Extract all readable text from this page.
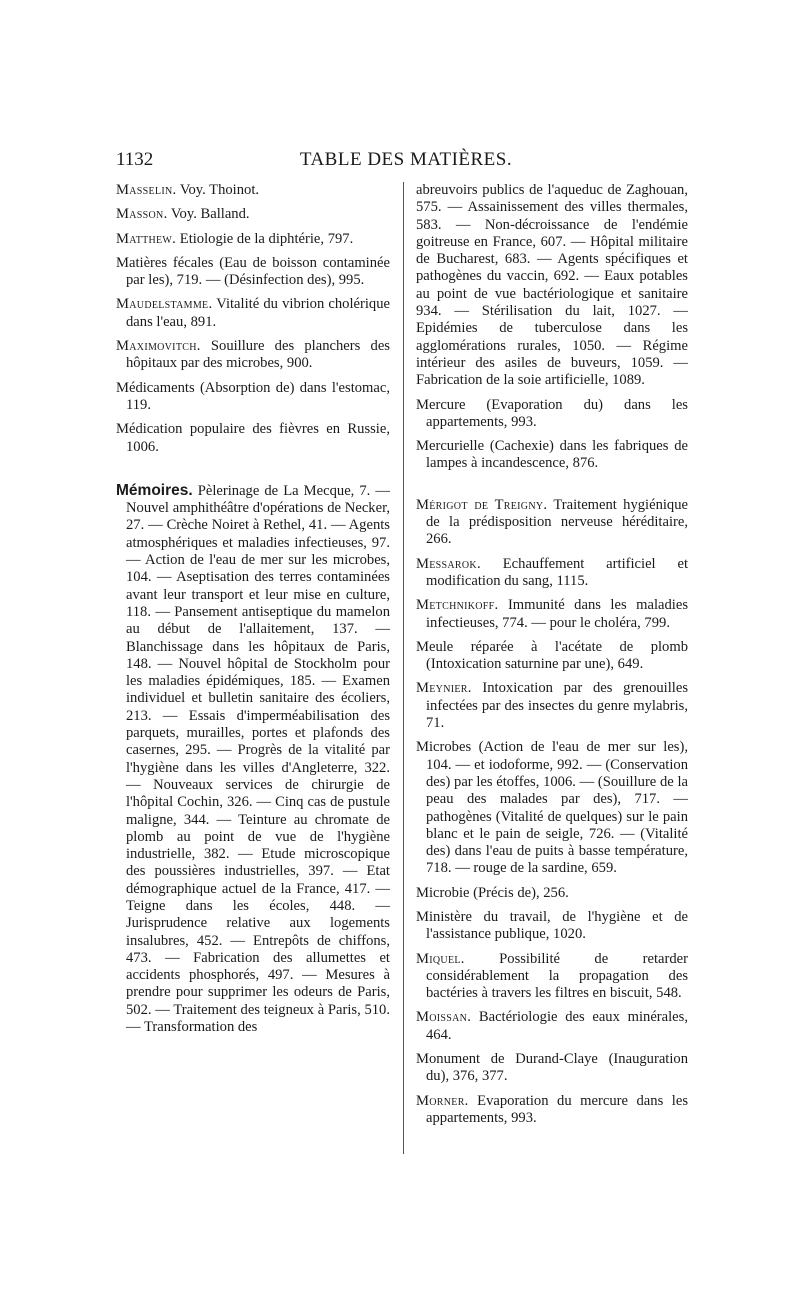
1132	TABLE DES MATIÈRES.

Masselin. Voy. Thoinot.

Masson. Voy. Balland.

Matthew. Etiologie de la diphtérie, 797.

Matières fécales (Eau de boisson contaminée par les), 719. — (Désinfection des), 995.

Maudelstamme. Vitalité du vibrion cholérique dans l'eau, 891.

Maximovitch. Souillure des planchers des hôpitaux par des microbes, 900.

Médicaments (Absorption de) dans l'estomac, 119.

Médication populaire des fièvres en Russie, 1006.

Mémoires. Pèlerinage de La Mecque, 7. — Nouvel amphithéâtre d'opérations de Necker, 27. — Crèche Noiret à Rethel, 41. — Agents atmosphériques et maladies infectieuses, 97. — Action de l'eau de mer sur les microbes, 104. — Aseptisation des terres contaminées avant leur transport et leur mise en culture, 118. — Pansement antiseptique du mamelon au début de l'allaitement, 137. — Blanchissage dans les hôpitaux de Paris, 148. — Nouvel hôpital de Stockholm pour les maladies épidémiques, 185. — Examen individuel et bulletin sanitaire des écoliers, 213. — Essais d'imperméabilisation des parquets, murailles, portes et plafonds des casernes, 295. — Progrès de la vitalité par l'hygiène dans les villes d'Angleterre, 322. — Nouveaux services de chirurgie de l'hôpital Cochin, 326. — Cinq cas de pustule maligne, 344. — Teinture au chromate de plomb au point de vue de l'hygiène industrielle, 382. — Etude microscopique des poussières industrielles, 397. — Etat démographique actuel de la France, 417. — Teigne dans les écoles, 448. — Jurisprudence relative aux logements insalubres, 452. — Entrepôts de chiffons, 473. — Fabrication des allumettes et accidents phosphorés, 497. — Mesures à prendre pour supprimer les odeurs de Paris, 502. — Traitement des teigneux à Paris, 510. — Transformation des

abreuvoirs publics de l'aqueduc de Zaghouan, 575. — Assainissement des villes thermales, 583. — Non-décroissance de l'endémie goitreuse en France, 607. — Hôpital militaire de Bucharest, 683. — Agents spécifiques et pathogènes du vaccin, 692. — Eaux potables au point de vue bactériologique et sanitaire 934. — Stérilisation du lait, 1027. — Epidémies de tuberculose dans les agglomérations rurales, 1050. — Régime intérieur des asiles de buveurs, 1059. — Fabrication de la soie artificielle, 1089.

Mercure (Evaporation du) dans les appartements, 993.

Mercurielle (Cachexie) dans les fabriques de lampes à incandescence, 876.

Mérigot de Treigny. Traitement hygiénique de la prédisposition nerveuse héréditaire, 266.

Messarok. Echauffement artificiel et modification du sang, 1115.

Metchnikoff. Immunité dans les maladies infectieuses, 774. — pour le choléra, 799.

Meule réparée à l'acétate de plomb (Intoxication saturnine par une), 649.

Meynier. Intoxication par des grenouilles infectées par des insectes du genre mylabris, 71.

Microbes (Action de l'eau de mer sur les), 104. — et iodoforme, 992. — (Conservation des) par les étoffes, 1006. — (Souillure de la peau des malades par des), 717. — pathogènes (Vitalité de quelques) sur le pain blanc et le pain de seigle, 726. — (Vitalité des) dans l'eau de puits à basse température, 718. — rouge de la sardine, 659.

Microbie (Précis de), 256.

Ministère du travail, de l'hygiène et de l'assistance publique, 1020.

Miquel. Possibilité de retarder considérablement la propagation des bactéries à travers les filtres en biscuit, 548.

Moissan. Bactériologie des eaux minérales, 464.

Monument de Durand-Claye (Inauguration du), 376, 377.

Morner. Evaporation du mercure dans les appartements, 993.
